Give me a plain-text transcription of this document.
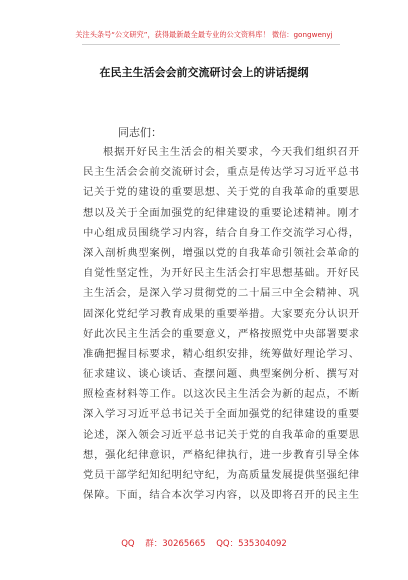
关注头条号“公文研究”，获得最新最全最专业的公文资料库！ 微信：gongwenyj
在民主生活会会前交流研讨会上的讲话提纲
同志们：
根据开好民主生活会的相关要求，今天我们组织召开
民主生活会会前交流研讨会，重点是传达学习习近平总书
记关于党的建设的重要思想、关于党的自我革命的重要思
想以及关于全面加强党的纪律建设的重要论述精神。刚才
中心组成员围绕学习内容，结合自身工作交流学习心得，
深入剖析典型案例，增强以党的自我革命引领社会革命的
自觉性坚定性，为开好民主生活会打牢思想基础。开好民
主生活会，是深入学习贯彻党的二十届三中全会精神、巩
固深化党纪学习教育成果的重要举措。大家要充分认识开
好此次民主生活会的重要意义，严格按照党中央部署要求
准确把握目标要求，精心组织安排，统筹做好理论学习、
征求建议、谈心谈话、查摆问题、典型案例分析、撰写对
照检查材料等工作。以这次民主生活会为新的起点，不断
深入学习习近平总书记关于全面加强党的纪律建设的重要
论述，深入领会习近平总书记关于党的自我革命的重要思
想，强化纪律意识，严格纪律执行，进一步教育引导全体
党员干部学纪知纪明纪守纪，为高质量发展提供坚强纪律
保障。下面，结合本次学习内容，以及即将召开的民主生
QQ 群：30265665 QQ：535304092
